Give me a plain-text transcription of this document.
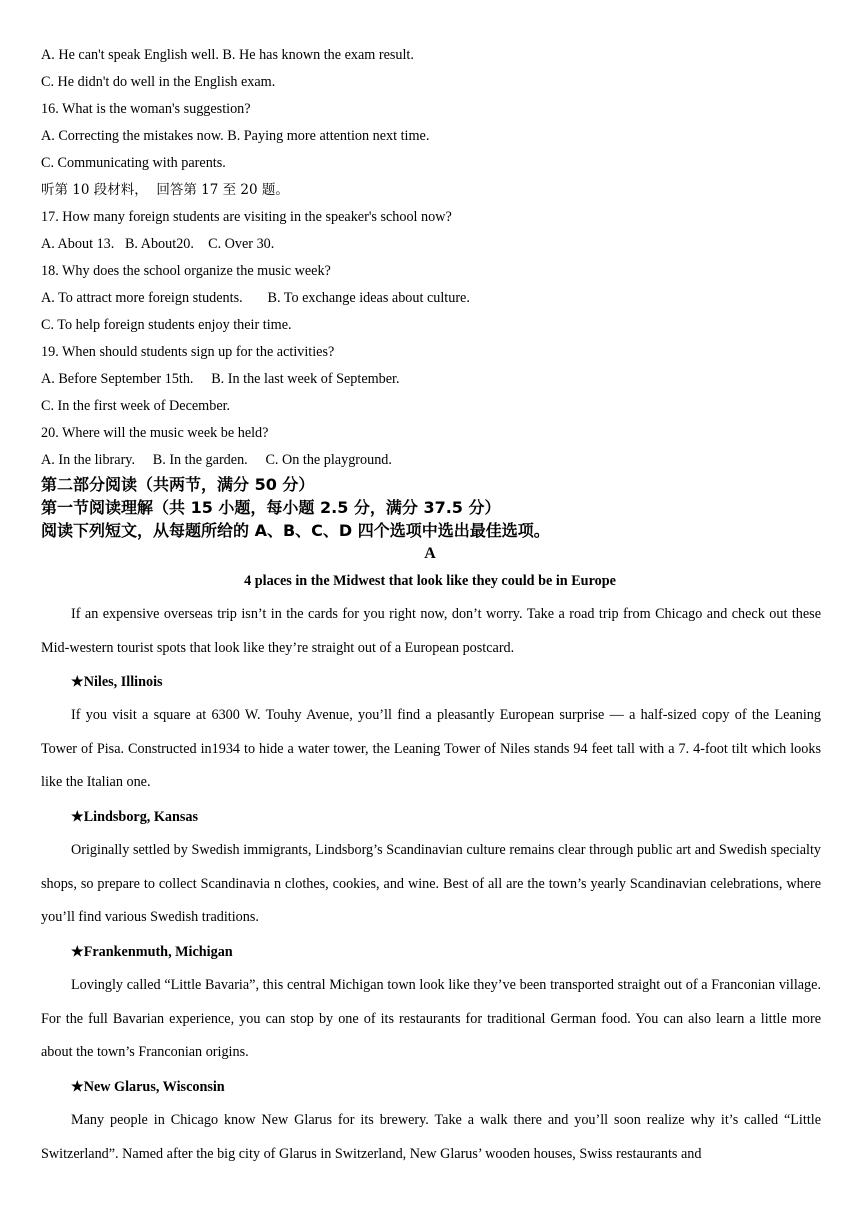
A. He can't speak English well. B. He has known the exam result.
C. He didn't do well in the English exam.
16. What is the woman's suggestion?
A. Correcting the mistakes now. B. Paying more attention next time.
C. Communicating with parents.
听第 10 段材料，  回答第 17 至 20 题。
17. How many foreign students are visiting in the speaker's school now?
A. About 13.   B. About20.    C. Over 30.
18. Why does the school organize the music week?
A. To attract more foreign students.       B. To exchange ideas about culture.
C. To help foreign students enjoy their time.
19. When should students sign up for the activities?
A. Before September 15th.     B. In the last week of September.
C. In the first week of December.
20. Where will the music week be held?
A. In the library.     B. In the garden.     C. On the playground.
第二部分阅读（共两节，满分 50 分）
第一节阅读理解（共 15 小题，每小题 2.5 分，满分 37.5 分）
阅读下列短文，从每题所给的 A、B、C、D 四个选项中选出最佳选项。
A
4 places in the Midwest that look like they could be in Europe

If an expensive overseas trip isn’t in the cards for you right now, don’t worry. Take a road trip from Chicago and check out these Mid-western tourist spots that look like they’re straight out of a European postcard.

★Niles, Illinois

If you visit a square at 6300 W. Touhy Avenue, you’ll find a pleasantly European surprise — a half-sized copy of the Leaning Tower of Pisa. Constructed in1934 to hide a water tower, the Leaning Tower of Niles stands 94 feet tall with a 7. 4-foot tilt which looks like the Italian one.

★Lindsborg, Kansas

Originally settled by Swedish immigrants, Lindsborg’s Scandinavian culture remains clear through public art and Swedish specialty shops, so prepare to collect Scandinavia n clothes, cookies, and wine. Best of all are the town’s yearly Scandinavian celebrations, where you’ll find various Swedish traditions.

★Frankenmuth, Michigan

Lovingly called “Little Bavaria”, this central Michigan town look like they’ve been transported straight out of a Franconian village. For the full Bavarian experience, you can stop by one of its restaurants for traditional German food. You can also learn a little more about the town’s Franconian origins.

★New Glarus, Wisconsin

Many people in Chicago know New Glarus for its brewery. Take a walk there and you’ll soon realize why it’s called “Little Switzerland”. Named after the big city of Glarus in Switzerland, New Glarus’ wooden houses, Swiss restaurants and
